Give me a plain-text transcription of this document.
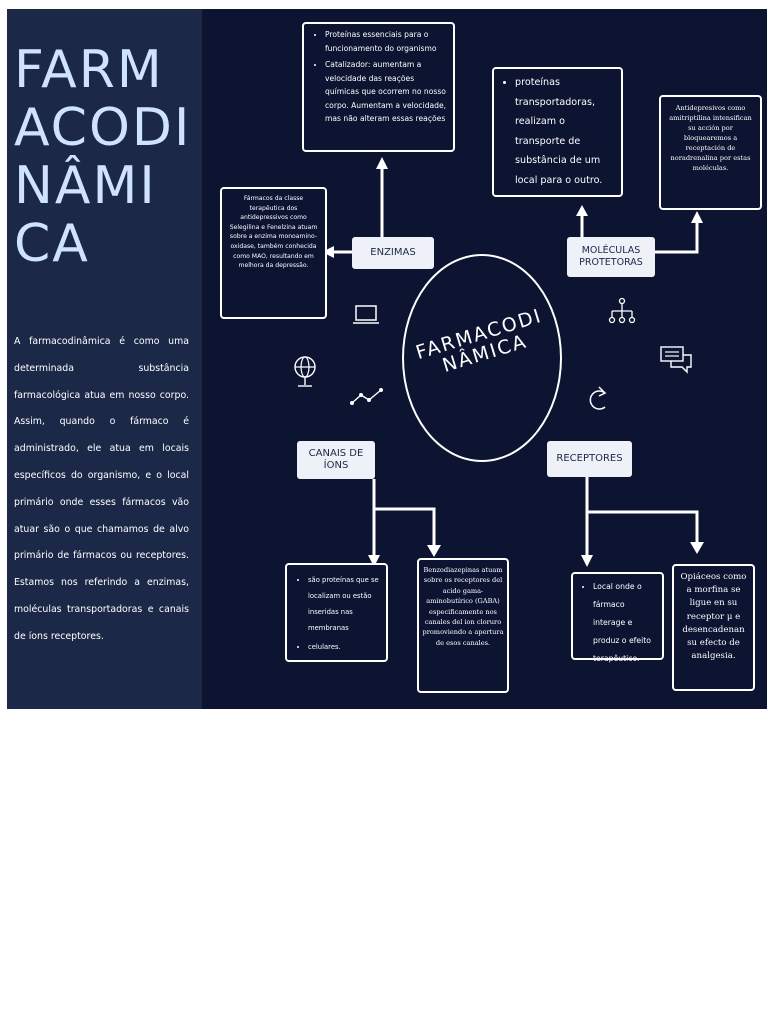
FARM
ACODI
NÂMI
CA
A farmacodinâmica é como uma determinada substância farmacológica atua em nosso corpo. Assim, quando o fármaco é administrado, ele atua em locais específicos do organismo, e o local primário onde esses fármacos vão atuar são o que chamamos de alvo primário de fármacos ou receptores. Estamos nos referindo a enzimas, moléculas transportadoras e canais de íons receptores.
FARMACODI
NÂMICA
ENZIMAS	MOLÉCULAS PROTETORAS
CANAIS DE ÍONS
RECEPTORES
• Proteínas essenciais para o funcionamento do organismo
• Catalizador: aumentam a velocidade das reações químicas que ocorrem no nosso corpo. Aumentam a velocidade, mas não alteram essas reações
Fármacos da classe terapêutica dos antidepressivos como Selegilina e Fenelzina atuam sobre a enzima monoamino-oxidase, também conhecida como MAO, resultando em melhora da depressão.
• proteínas transportadoras, realizam o transporte de substância de um local para o outro.
Antidepresivos como amitriptilina intensifican su acción por bloquearemos a receptación de noradrenalina por estas moléculas.
• são proteínas que se localizam ou estão inseridas nas membranas
• celulares.
Benzodiazepinas atuam sobre os receptores del acido gama-aminobutírico (GABA) especificamente nos canales del ion cloruro promoviendo a apertura de esos canales.
• Local onde o fármaco interage e produz o efeito terapêutico.
Opiáceos como a morfina se ligue en su receptor μ e desencadenan su efecto de analgesia.
